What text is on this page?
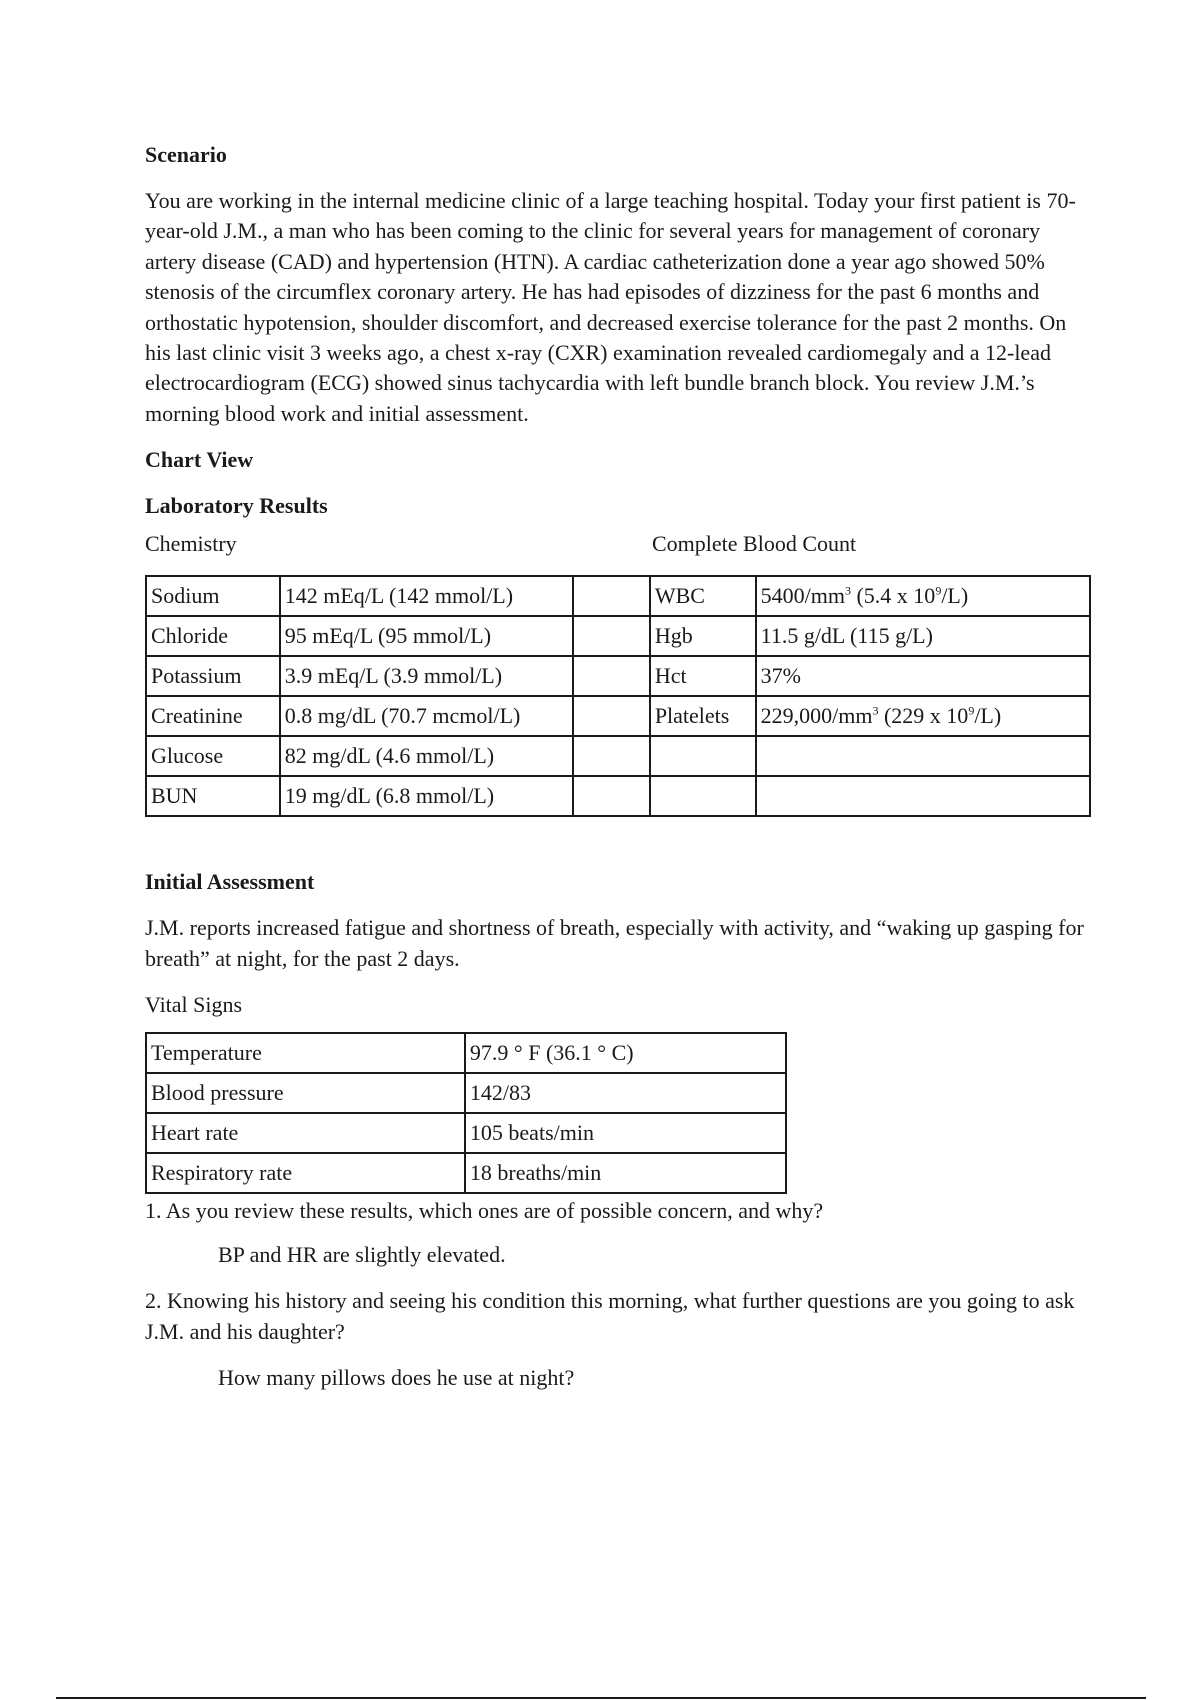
Scenario
You are working in the internal medicine clinic of a large teaching hospital. Today your first patient is 70-year-old J.M., a man who has been coming to the clinic for several years for management of coronary artery disease (CAD) and hypertension (HTN). A cardiac catheterization done a year ago showed 50% stenosis of the circumflex coronary artery. He has had episodes of dizziness for the past 6 months and orthostatic hypotension, shoulder discomfort, and decreased exercise tolerance for the past 2 months. On his last clinic visit 3 weeks ago, a chest x-ray (CXR) examination revealed cardiomegaly and a 12-lead electrocardiogram (ECG) showed sinus tachycardia with left bundle branch block. You review J.M.’s morning blood work and initial assessment.
Chart View
Laboratory Results
Chemistry	Complete Blood Count
Sodium	142 mEq/L (142 mmol/L)		WBC	$5400/mm^3$ (5.4 x $10^9/L$)
Chloride	95 mEq/L (95 mmol/L)		Hgb	11.5 g/dL (115 g/L)
Potassium	3.9 mEq/L (3.9 mmol/L)		Hct	37%
Creatinine	0.8 mg/dL (70.7 mcmol/L)		Platelets	$229,000/mm^3$ (229 x $10^9/L$)
Glucose	82 mg/dL (4.6 mmol/L)			
BUN	19 mg/dL (6.8 mmol/L)			
Initial Assessment
J.M. reports increased fatigue and shortness of breath, especially with activity, and “waking up gasping for breath” at night, for the past 2 days.
Vital Signs
Temperature	97.9 ° F (36.1 ° C)
Blood pressure	142/83
Heart rate	105 beats/min
Respiratory rate	18 breaths/min
1. As you review these results, which ones are of possible concern, and why?
BP and HR are slightly elevated.
2. Knowing his history and seeing his condition this morning, what further questions are you going to ask J.M. and his daughter?
How many pillows does he use at night?
